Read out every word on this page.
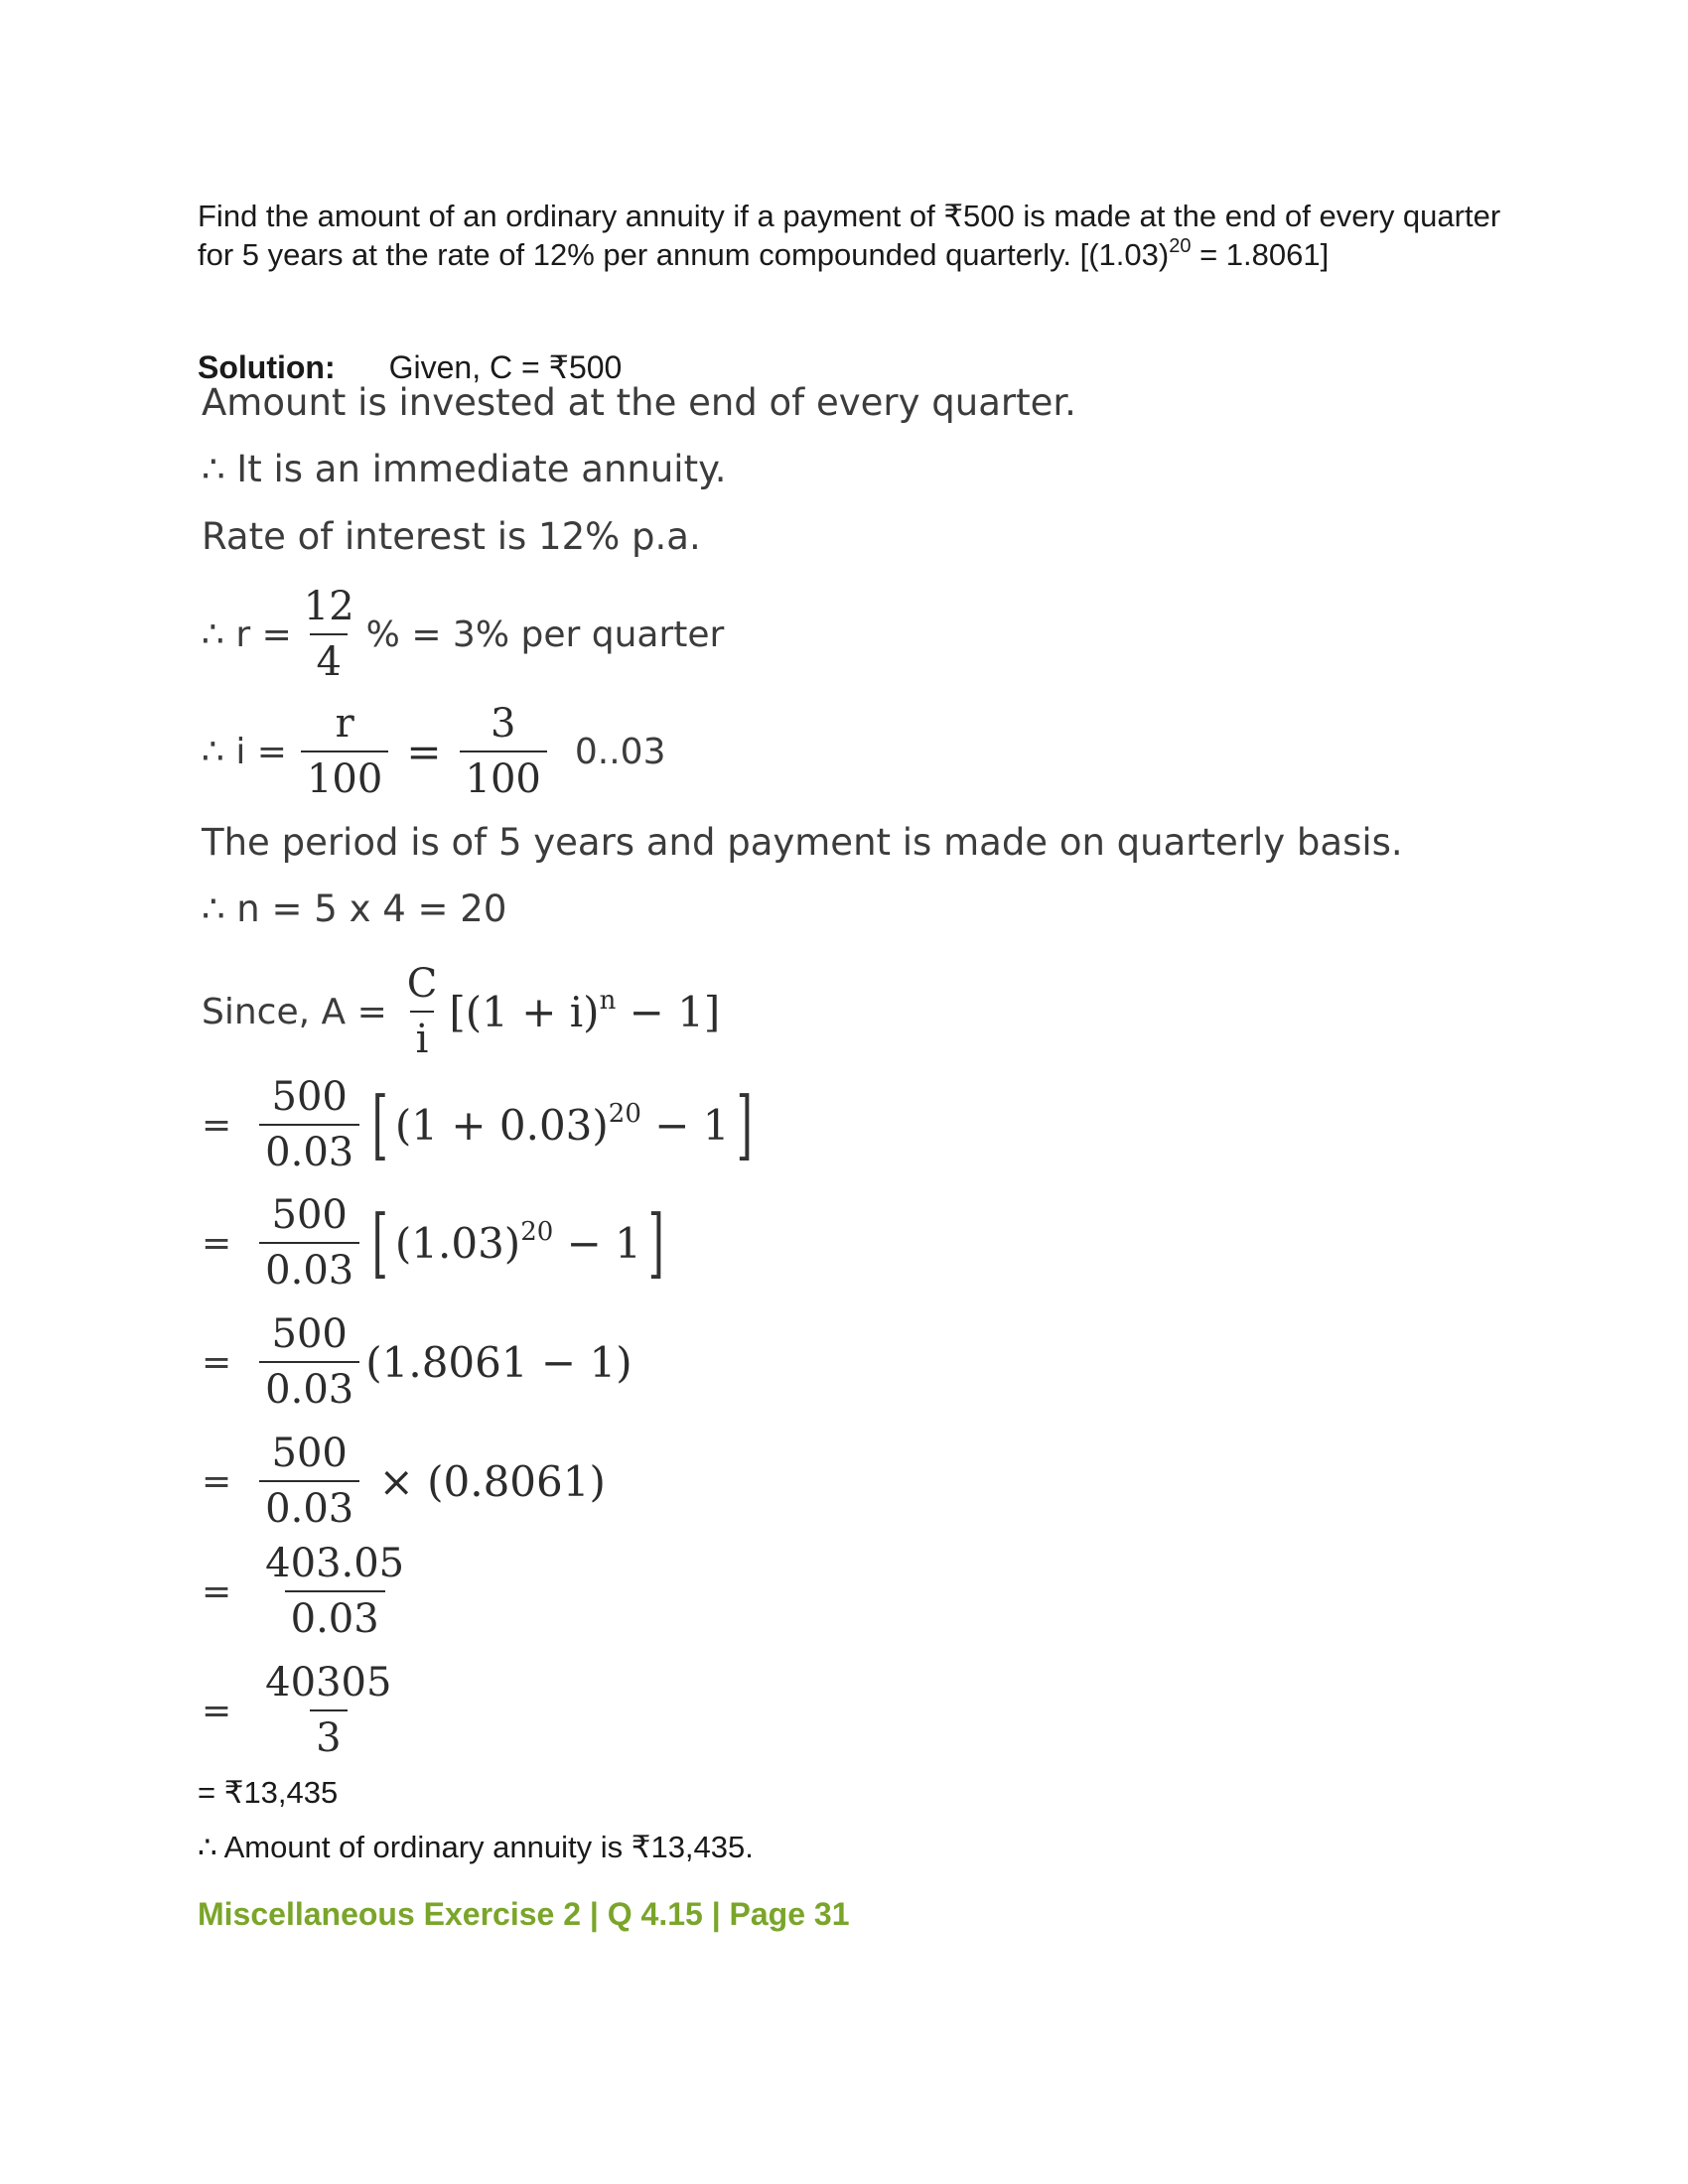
Find the amount of an ordinary annuity if a payment of ₹500 is made at the end of every quarter for 5 years at the rate of 12% per annum compounded quarterly. $[(1.03)^{20} = 1.8061]$
Solution: Given, C = ₹500
Amount is invested at the end of every quarter.
∴ It is an immediate annuity.
Rate of interest is 12% p.a.
∴ $r = \frac{12}{4}$ % = 3% per quarter
∴ $i = \frac{r}{100} = \frac{3}{100} 0..03$
The period is of 5 years and payment is made on quarterly basis.
∴ n = 5 x 4 = 20
Since, $A = \frac{C}{i} [(1 + i)^n - 1]$
= $\frac{500}{0.03}$ [ $(1 + 0.03)^{20} - 1$ ]
= $\frac{500}{0.03}$ [ $(1.03)^{20} - 1$ ]
= $\frac{500}{0.03} (1.8061 - 1)$
= $\frac{500}{0.03} \times (0.8061)$
= $\frac{403.05}{0.03}$
= $\frac{40305}{3}$
= ₹13,435
∴ Amount of ordinary annuity is ₹13,435.
Miscellaneous Exercise 2 | Q 4.15 | Page 31
